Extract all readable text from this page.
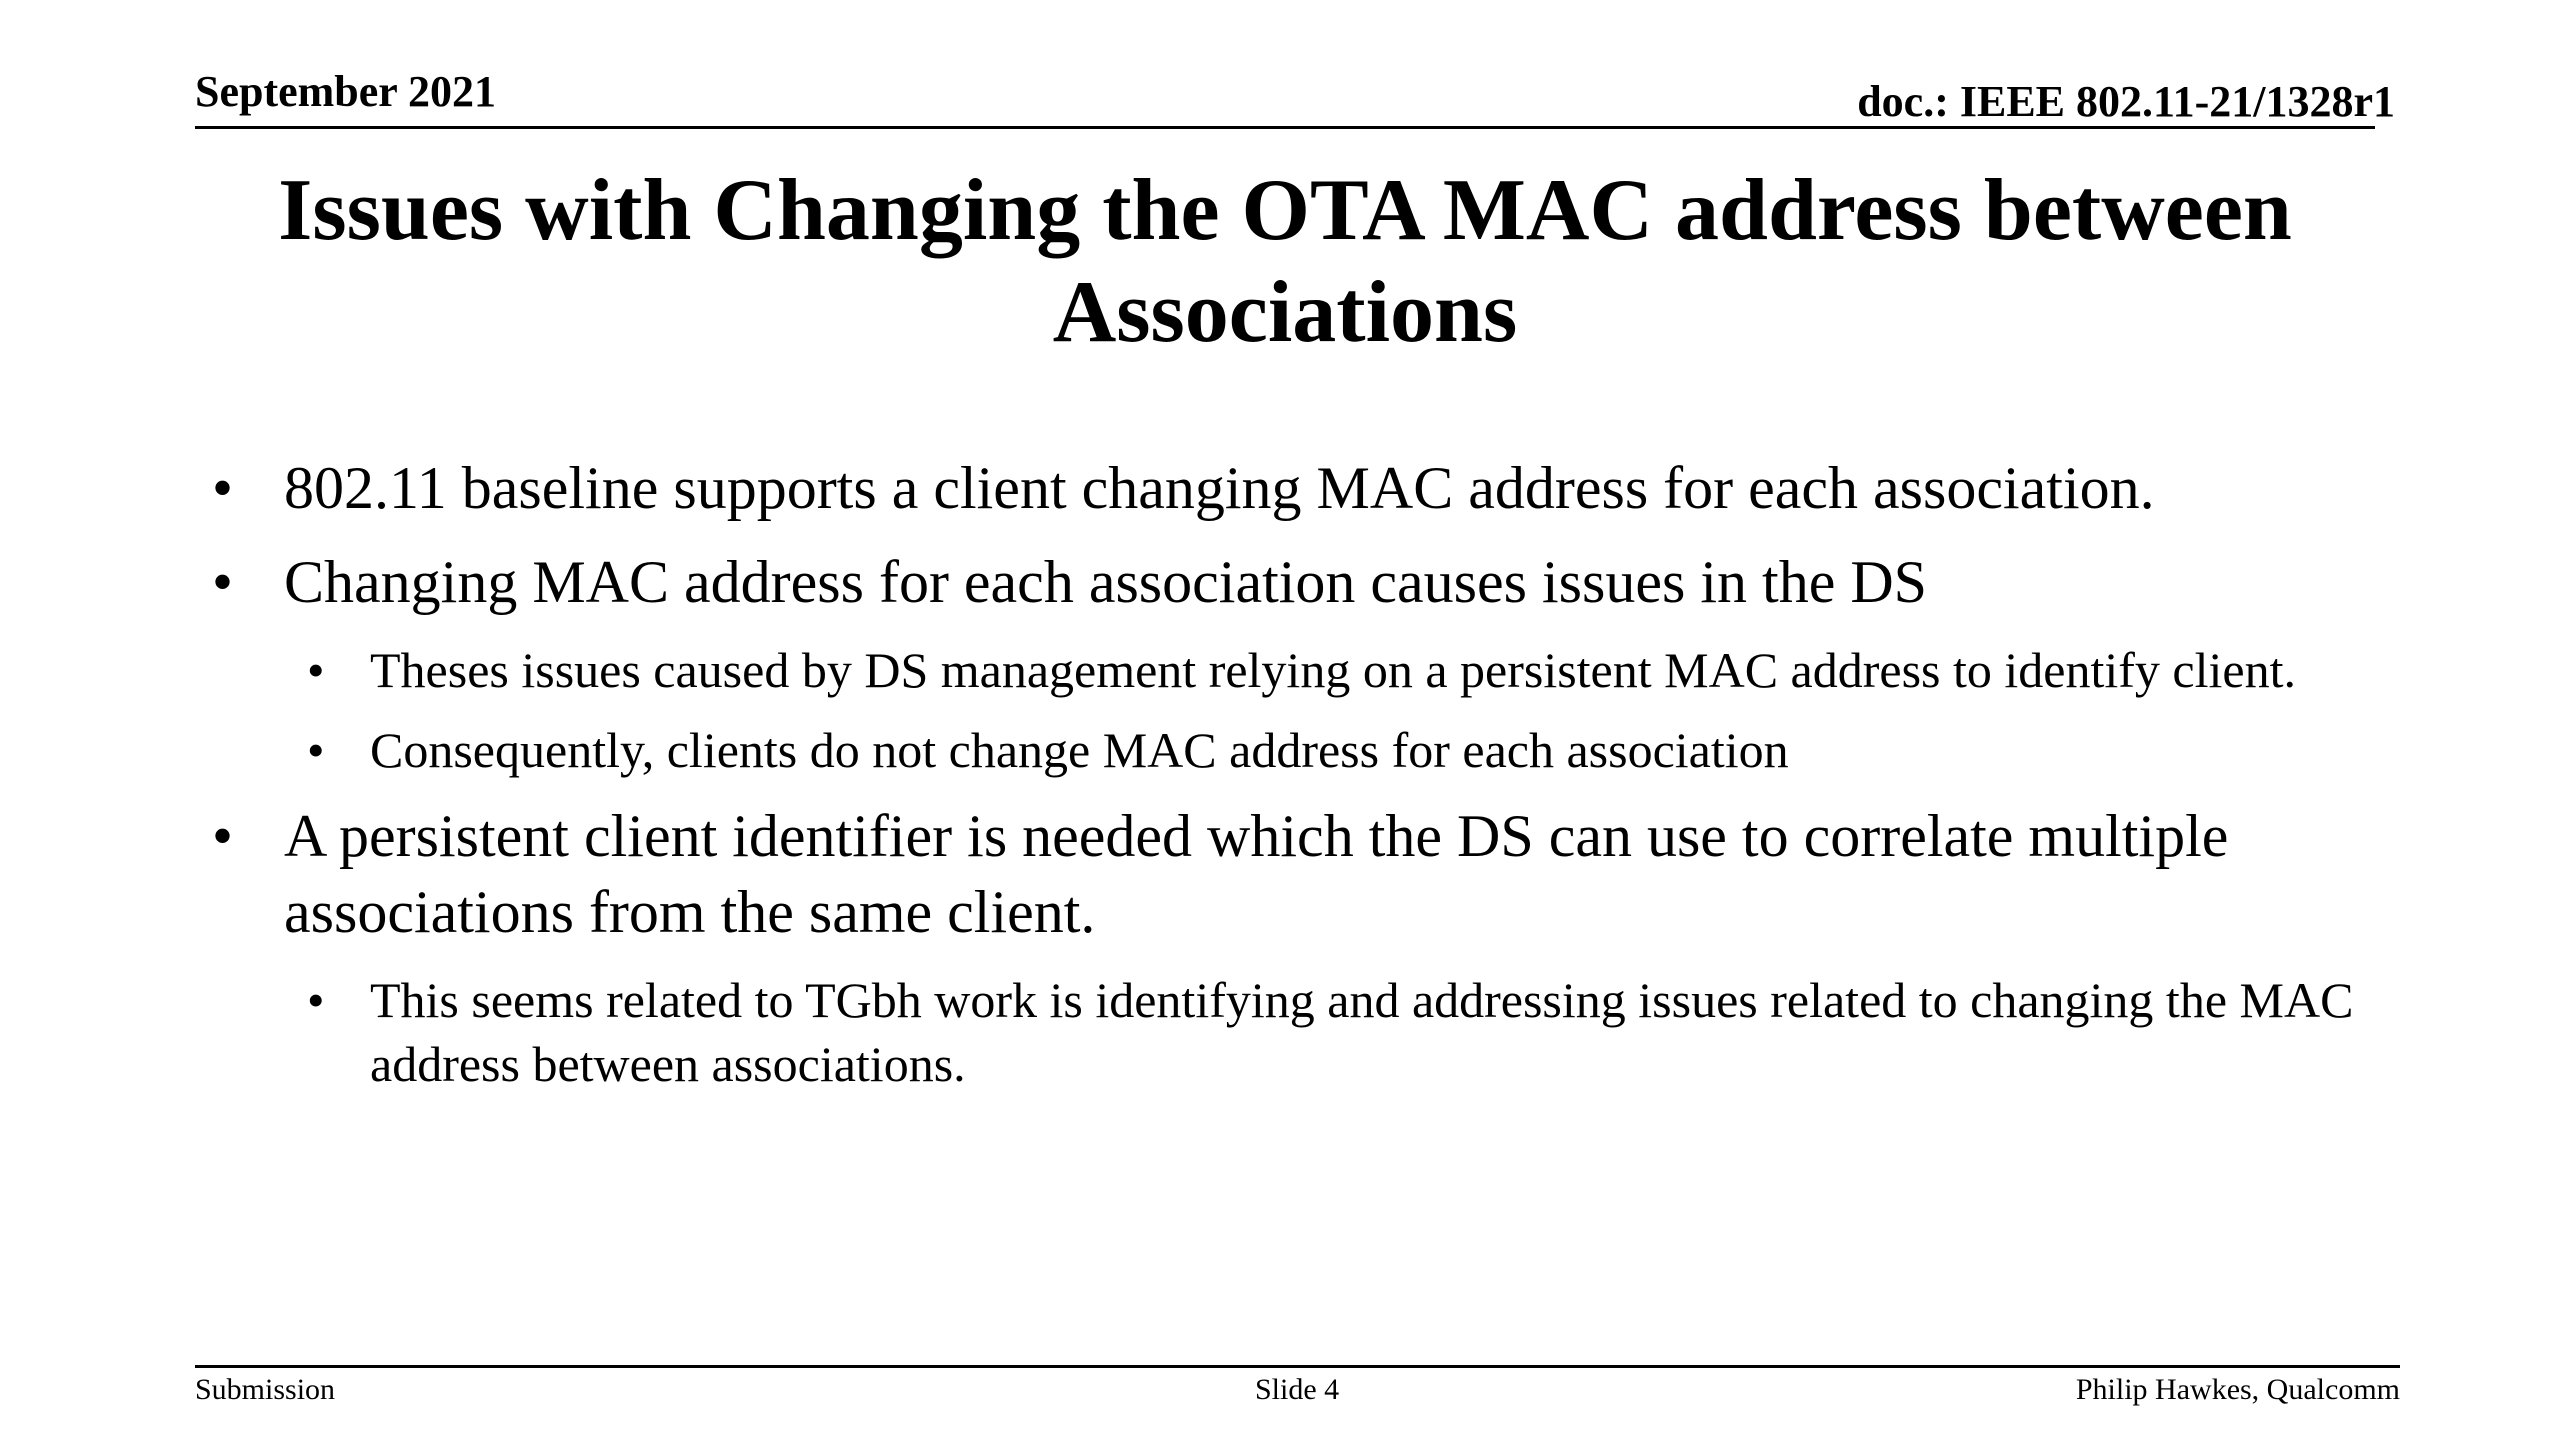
September 2021	doc.: IEEE 802.11-21/1328r1
Issues with Changing the OTA MAC address between
Associations
• 802.11 baseline supports a client changing MAC address for each association.
• Changing MAC address for each association causes issues in the DS
• Theses issues caused by DS management relying on a persistent MAC address to identify client.
• Consequently, clients do not change MAC address for each association
• A persistent client identifier is needed which the DS can use to correlate multiple associations from the same client.
• This seems related to TGbh work is identifying and addressing issues related to changing the MAC address between associations.
Submission	Slide 4	Philip Hawkes, Qualcomm
